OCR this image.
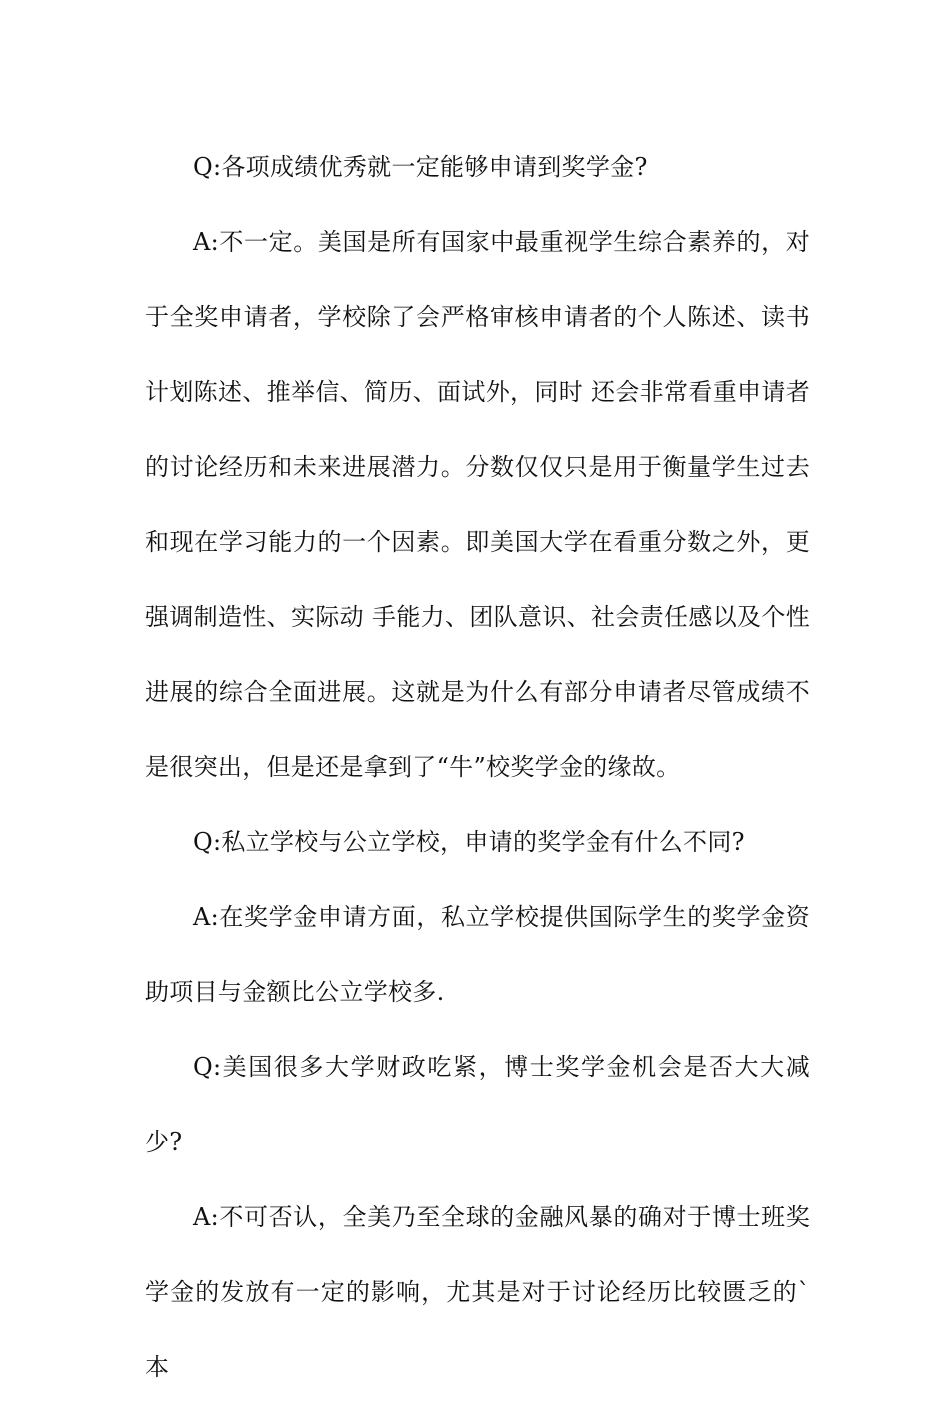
Q:各项成绩优秀就一定能够申请到奖学金?

A:不一定。美国是所有国家中最重视学生综合素养的，对于全奖申请者，学校除了会严格审核申请者的个人陈述、读书计划陈述、推举信、简历、面试外，同时 还会非常看重申请者的讨论经历和未来进展潜力。分数仅仅只是用于衡量学生过去和现在学习能力的一个因素。即美国大学在看重分数之外，更强调制造性、实际动 手能力、团队意识、社会责任感以及个性进展的综合全面进展。这就是为什么有部分申请者尽管成绩不是很突出，但是还是拿到了“牛”校奖学金的缘故。

Q:私立学校与公立学校，申请的奖学金有什么不同?

A:在奖学金申请方面，私立学校提供国际学生的奖学金资助项目与金额比公立学校多.

Q:美国很多大学财政吃紧，博士奖学金机会是否大大减少?

A:不可否认，全美乃至全球的金融风暴的确对于博士班奖学金的发放有一定的影响，尤其是对于讨论经历比较匮乏的`本
